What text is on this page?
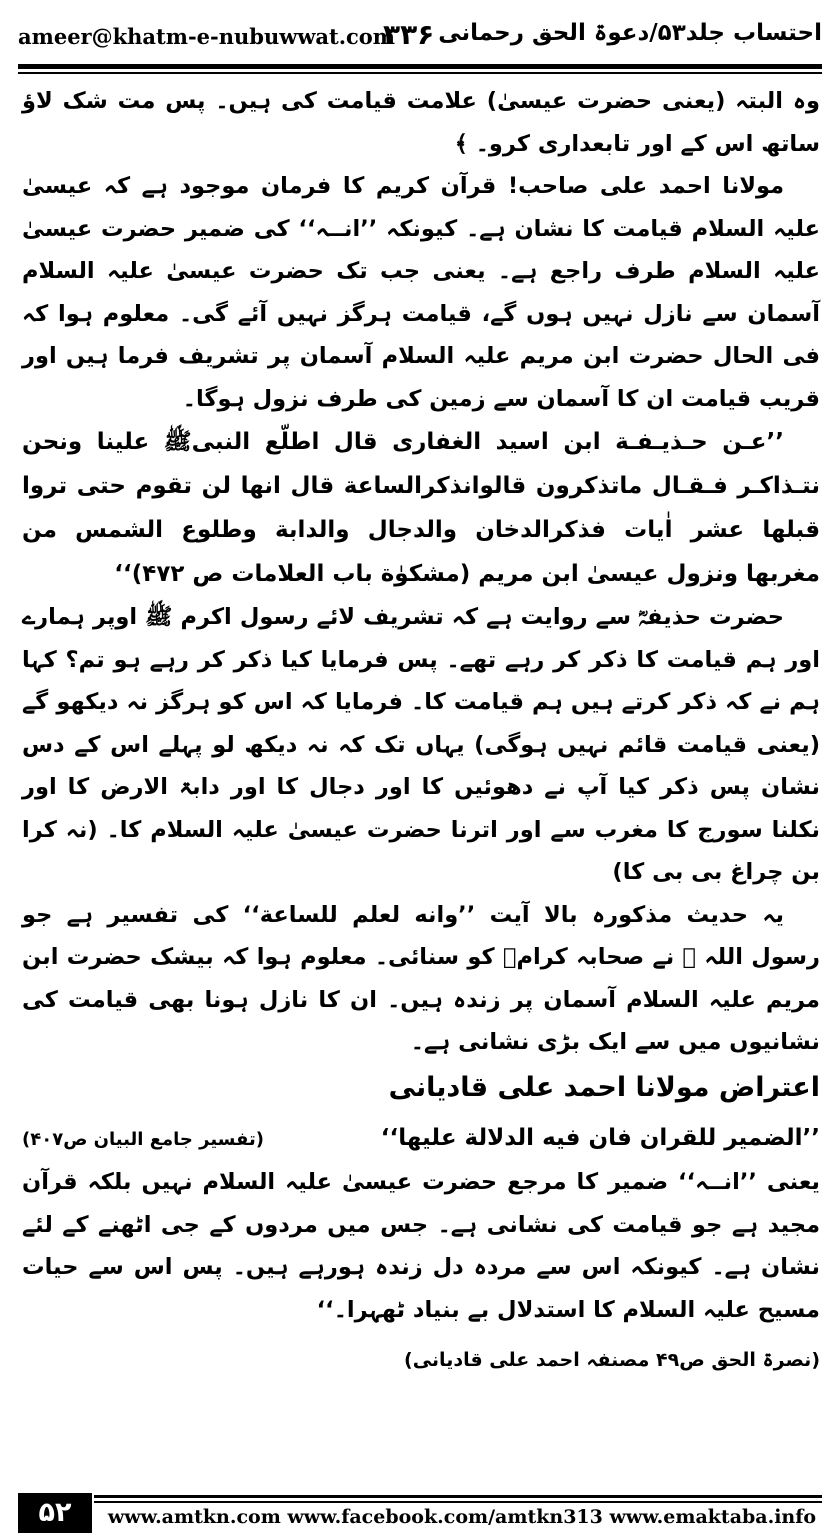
ameer@khatm-e-nubuwwat.com
۳۳۶ احتساب جلد۵۳/دعوۃ الحق رحمانی

وہ البتہ (یعنی حضرت عیسیٰ) علامت قیامت کی ہیں۔ پس مت شک لاؤ ساتھ اس کے اور تابعداری کرو۔ ﴾

مولانا احمد علی صاحب! قرآن کریم کا فرمان موجود ہے کہ عیسیٰ علیہ السلام قیامت کا نشان ہے۔ کیونکہ ’’انــہ‘‘ کی ضمیر حضرت عیسیٰ علیہ السلام طرف راجع ہے۔ یعنی جب تک حضرت عیسیٰ علیہ السلام آسمان سے نازل نہیں ہوں گے، قیامت ہرگز نہیں آئے گی۔ معلوم ہوا کہ فی الحال حضرت ابن مریم علیہ السلام آسمان پر تشریف فرما ہیں اور قریب قیامت ان کا آسمان سے زمین کی طرف نزول ہوگا۔

’’عـن حـذيـفـة ابن اسيد الغفاری قال اطلّع النبیﷺ علينا ونحن نتـذاكـر فـقـال ماتذكرون قالوانذكرالساعة قال انها لن تقوم حتی تروا قبلها عشر اٰيات فذكرالدخان والدجال والدابة وطلوع الشمس من مغربها ونزول عيسیٰ ابن مريم (مشكوٰة باب العلامات ص ۴۷۲)‘‘

حضرت حذیفہؓ سے روایت ہے کہ تشریف لائے رسول اکرم ﷺ اوپر ہمارے اور ہم قیامت کا ذکر کر رہے تھے۔ پس فرمایا کیا ذکر کر رہے ہو تم؟ کہا ہم نے کہ ذکر کرتے ہیں ہم قیامت کا۔ فرمایا کہ اس کو ہرگز نہ دیکھو گے (یعنی قیامت قائم نہیں ہوگی) یہاں تک کہ نہ دیکھ لو پہلے اس کے دس نشان پس ذکر کیا آپ نے دھوئیں کا اور دجال کا اور دابۃ الارض کا اور نکلنا سورج کا مغرب سے اور اترنا حضرت عیسیٰ علیہ السلام کا۔ (نہ کرا بن چراغ بی بی کا)

یہ حدیث مذکورہ بالا آیت ’’وانه لعلم للساعة‘‘ کی تفسیر ہے جو رسول اللہ ﷺ نے صحابہ کرامؓ کو سنائی۔ معلوم ہوا کہ بیشک حضرت ابن مریم علیہ السلام آسمان پر زندہ ہیں۔ ان کا نازل ہونا بھی قیامت کی نشانیوں میں سے ایک بڑی نشانی ہے۔

اعتراض مولانا احمد علی قادیانی

’’الضمير للقران فان فيه الدلالة عليها‘‘
(تفسیر جامع البیان ص۴۰۷)

یعنی ’’انــہ‘‘ ضمیر کا مرجع حضرت عیسیٰ علیہ السلام نہیں بلکہ قرآن مجید ہے جو قیامت کی نشانی ہے۔ جس میں مردوں کے جی اٹھنے کے لئے نشان ہے۔ کیونکہ اس سے مردہ دل زندہ ہورہے ہیں۔ پس اس سے حیات مسیح علیہ السلام کا استدلال بے بنیاد ٹھہرا۔‘‘

(نصرۃ الحق ص۴۹ مصنفہ احمد علی قادیانی)

۵۲	www.amtkn.com www.facebook.com/amtkn313 www.emaktaba.info
